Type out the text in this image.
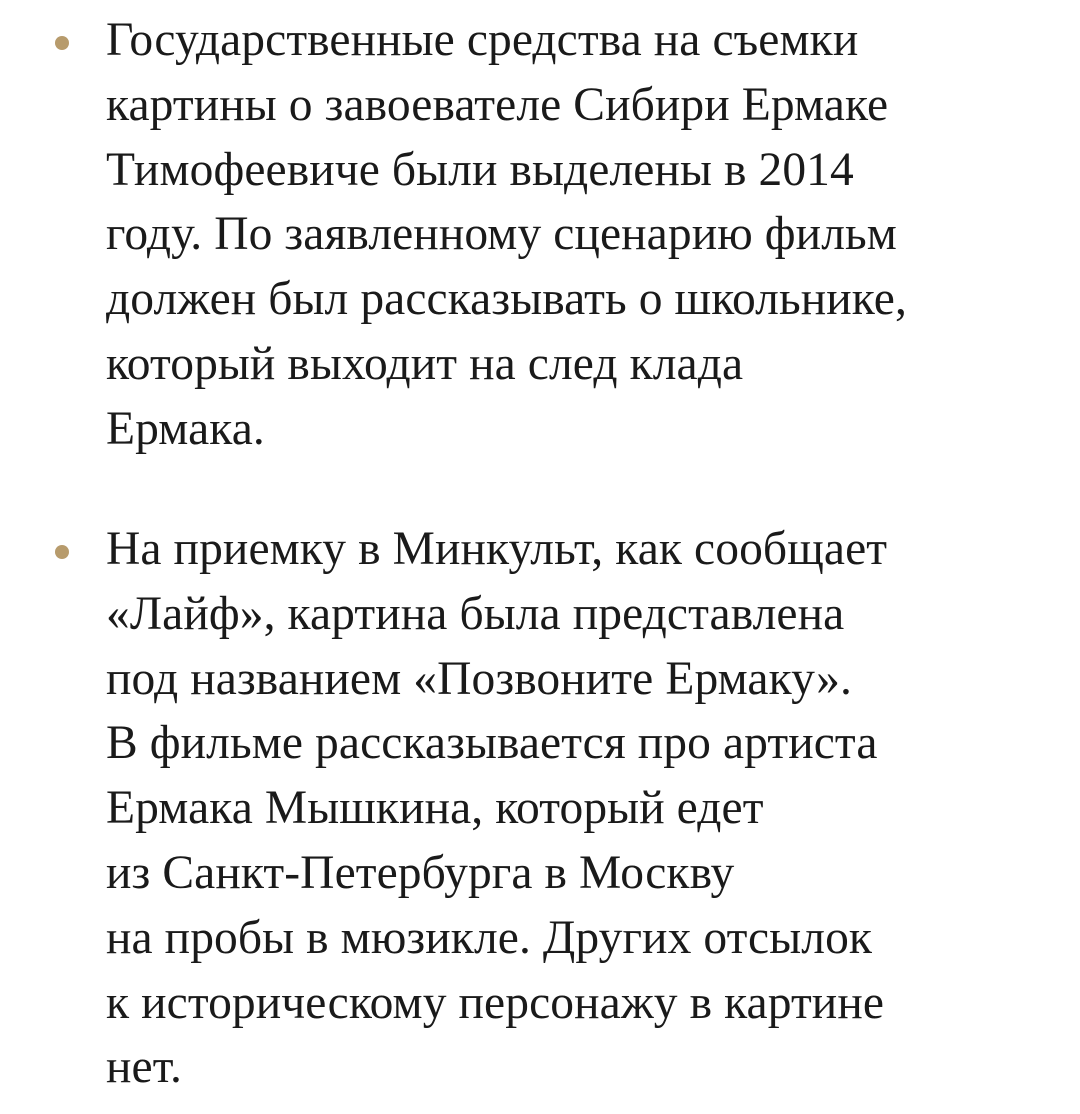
Государственные средства на съемки
картины о завоевателе Сибири Ермаке
Тимофеевиче были выделены в 2014
году. По заявленному сценарию фильм
должен был рассказывать о школьнике,
который выходит на след клада
Ермака.

На приемку в Минкульт, как сообщает
«Лайф», картина была представлена
под названием «Позвоните Ермаку».
В фильме рассказывается про артиста
Ермака Мышкина, который едет
из Санкт-Петербурга в Москву
на пробы в мюзикле. Других отсылок
к историческому персонажу в картине
нет.
